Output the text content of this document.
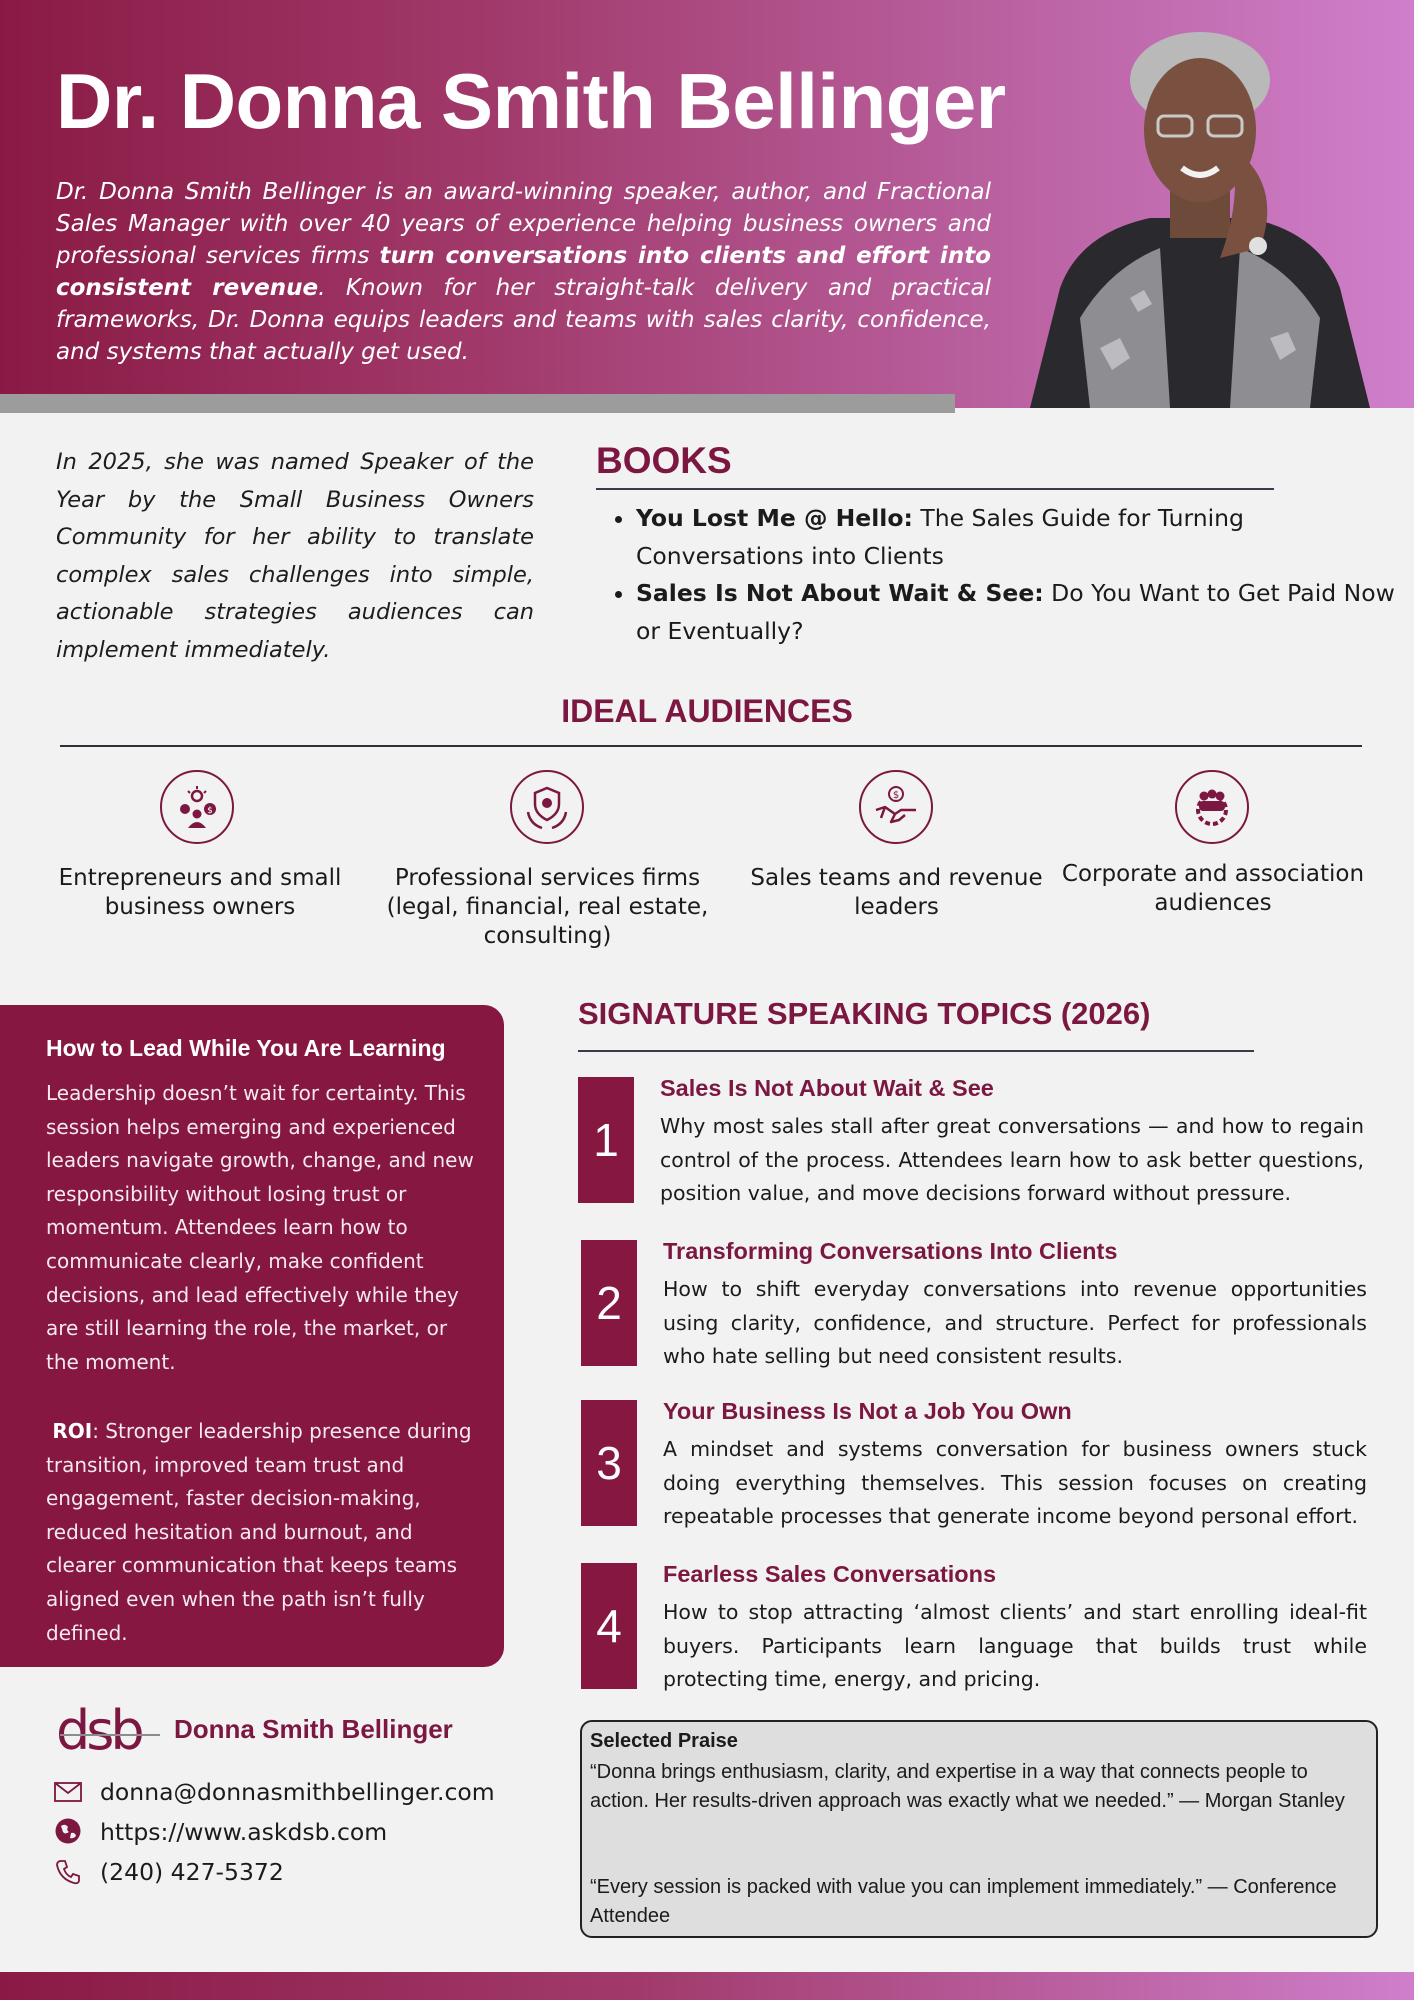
Dr. Donna Smith Bellinger
Dr. Donna Smith Bellinger is an award-winning speaker, author, and Fractional Sales Manager with over 40 years of experience helping business owners and professional services firms turn conversations into clients and effort into consistent revenue. Known for her straight-talk delivery and practical frameworks, Dr. Donna equips leaders and teams with sales clarity, confidence, and systems that actually get used.
In 2025, she was named Speaker of the Year by the Small Business Owners Community for her ability to translate complex sales challenges into simple, actionable strategies audiences can implement immediately.
BOOKS
• You Lost Me @ Hello: The Sales Guide for Turning Conversations into Clients
• Sales Is Not About Wait & See: Do You Want to Get Paid Now or Eventually?
IDEAL AUDIENCES
$
Entrepreneurs and small business owners
Professional services firms (legal, financial, real estate, consulting)
$
Sales teams and revenue leaders
Corporate and association audiences
How to Lead While You Are Learning
Leadership doesn’t wait for certainty. This session helps emerging and experienced leaders navigate growth, change, and new responsibility without losing trust or momentum. Attendees learn how to communicate clearly, make confident decisions, and lead effectively while they are still learning the role, the market, or the moment.
ROI: Stronger leadership presence during transition, improved team trust and engagement, faster decision-making, reduced hesitation and burnout, and clearer communication that keeps teams aligned even when the path isn’t fully defined.
SIGNATURE SPEAKING TOPICS (2026)
1
Sales Is Not About Wait & See
Why most sales stall after great conversations — and how to regain control of the process. Attendees learn how to ask better questions, position value, and move decisions forward without pressure.
2
Transforming Conversations Into Clients
How to shift everyday conversations into revenue opportunities using clarity, confidence, and structure. Perfect for professionals who hate selling but need consistent results.
3
Your Business Is Not a Job You Own
A mindset and systems conversation for business owners stuck doing everything themselves. This session focuses on creating repeatable processes that generate income beyond personal effort.
4
Fearless Sales Conversations
How to stop attracting ‘almost clients’ and start enrolling ideal-fit buyers. Participants learn language that builds trust while protecting time, energy, and pricing.
dsb Donna Smith Bellinger
donna@donnasmithbellinger.com
https://www.askdsb.com
(240) 427-5372
Selected Praise
“Donna brings enthusiasm, clarity, and expertise in a way that connects people to action. Her results-driven approach was exactly what we needed.” — Morgan Stanley
“Every session is packed with value you can implement immediately.” — Conference Attendee
